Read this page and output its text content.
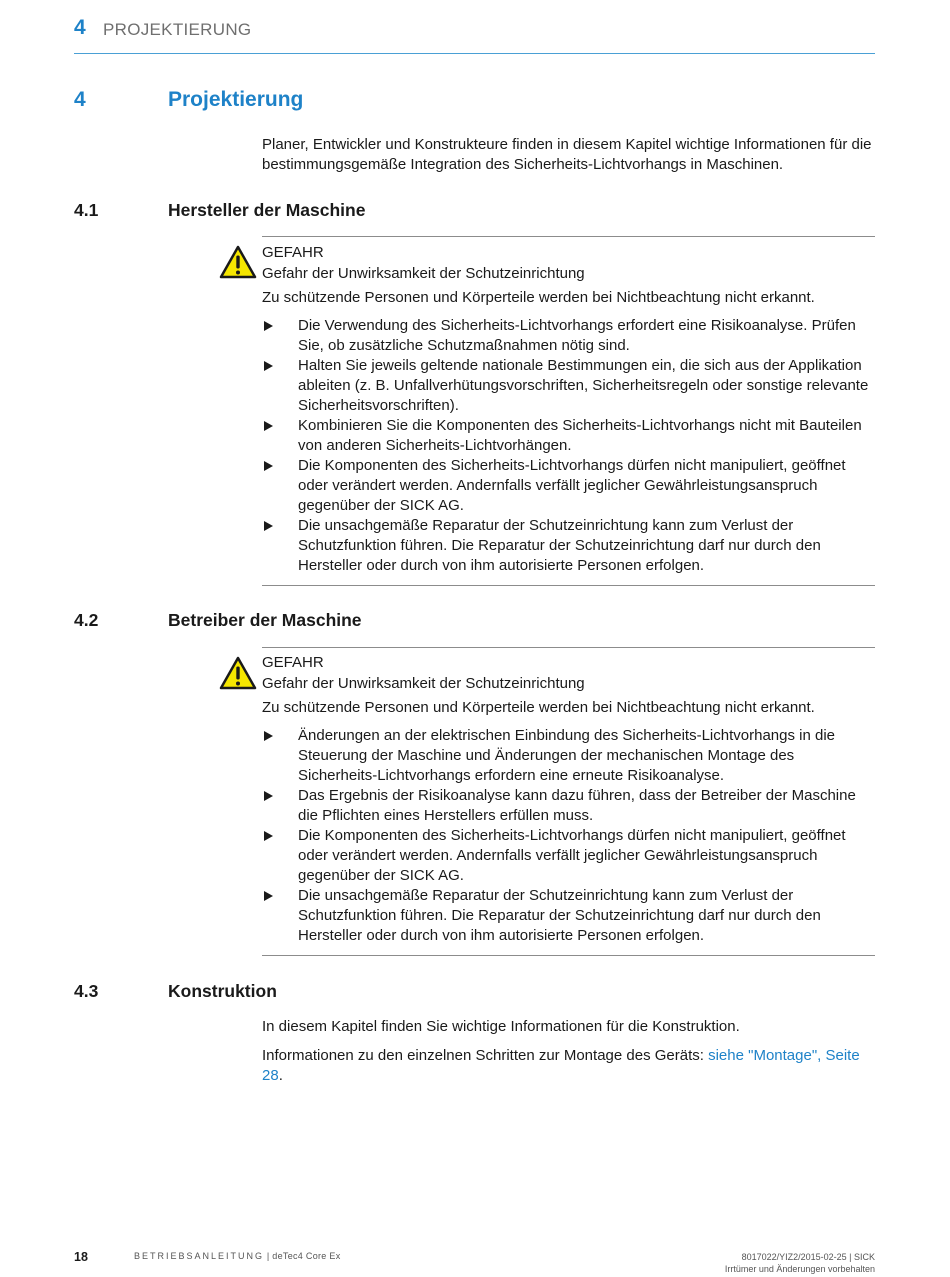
4 PROJEKTIERUNG
4	Projektierung

Planer, Entwickler und Konstrukteure finden in diesem Kapitel wichtige Informationen für die bestimmungsgemäße Integration des Sicherheits-Lichtvorhangs in Maschinen.

4.1	Hersteller der Maschine
GEFAHR
Gefahr der Unwirksamkeit der Schutzeinrichtung
Zu schützende Personen und Körperteile werden bei Nichtbeachtung nicht erkannt.
Die Verwendung des Sicherheits-Lichtvorhangs erfordert eine Risikoanalyse. Prüfen Sie, ob zusätzliche Schutzmaßnahmen nötig sind.
Halten Sie jeweils geltende nationale Bestimmungen ein, die sich aus der Applikation ableiten (z. B. Unfallverhütungsvorschriften, Sicherheitsregeln oder sonstige relevante Sicherheitsvorschriften).
Kombinieren Sie die Komponenten des Sicherheits-Lichtvorhangs nicht mit Bauteilen von anderen Sicherheits-Lichtvorhängen.
Die Komponenten des Sicherheits-Lichtvorhangs dürfen nicht manipuliert, geöffnet oder verändert werden. Andernfalls verfällt jeglicher Gewährleistungsanspruch gegenüber der SICK AG.
Die unsachgemäße Reparatur der Schutzeinrichtung kann zum Verlust der Schutzfunktion führen. Die Reparatur der Schutzeinrichtung darf nur durch den Hersteller oder durch von ihm autorisierte Personen erfolgen.
4.2	Betreiber der Maschine
GEFAHR
Gefahr der Unwirksamkeit der Schutzeinrichtung
Zu schützende Personen und Körperteile werden bei Nichtbeachtung nicht erkannt.
Änderungen an der elektrischen Einbindung des Sicherheits-Lichtvorhangs in die Steuerung der Maschine und Änderungen der mechanischen Montage des Sicherheits-Lichtvorhangs erfordern eine erneute Risikoanalyse.
Das Ergebnis der Risikoanalyse kann dazu führen, dass der Betreiber der Maschine die Pflichten eines Herstellers erfüllen muss.
Die Komponenten des Sicherheits-Lichtvorhangs dürfen nicht manipuliert, geöffnet oder verändert werden. Andernfalls verfällt jeglicher Gewährleistungsanspruch gegenüber der SICK AG.
Die unsachgemäße Reparatur der Schutzeinrichtung kann zum Verlust der Schutzfunktion führen. Die Reparatur der Schutzeinrichtung darf nur durch den Hersteller oder durch von ihm autorisierte Personen erfolgen.
4.3	Konstruktion

In diesem Kapitel finden Sie wichtige Informationen für die Konstruktion.

Informationen zu den einzelnen Schritten zur Montage des Geräts: siehe "Montage", Seite 28.

18	BETRIEBSANLEITUNG | deTec4 Core Ex	8017022/YIZ2/2015-02-25 | SICK
Irrtümer und Änderungen vorbehalten
